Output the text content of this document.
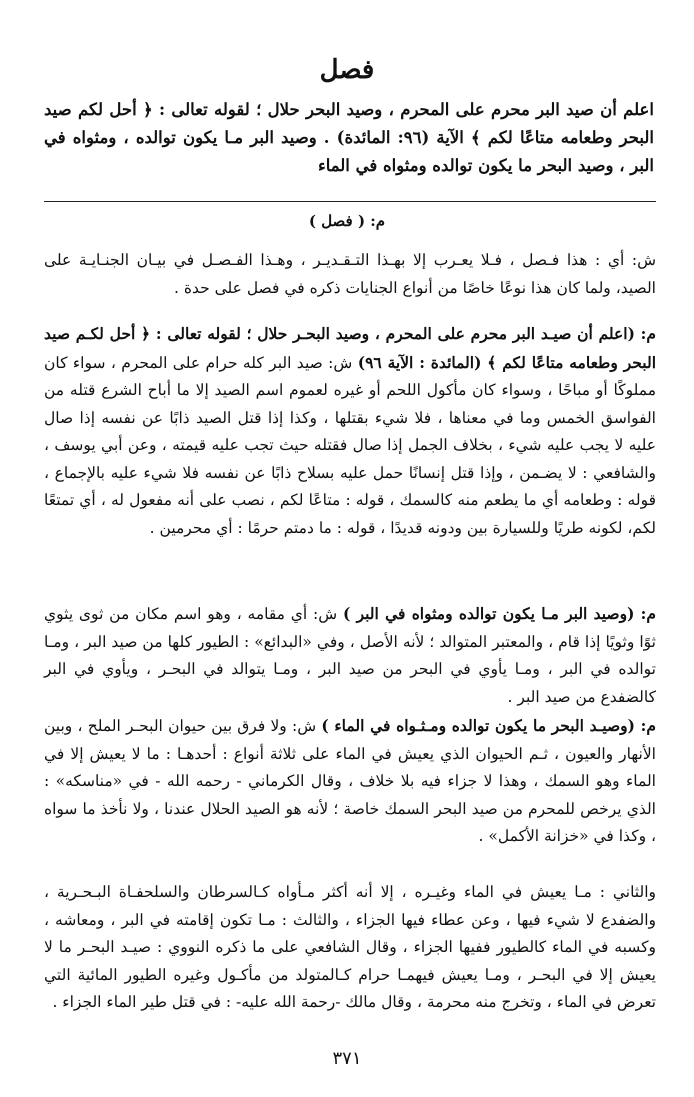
فصل

اعلم أن صيد البر محرم على المحرم ، وصيد البحر حلال ؛ لقوله تعالى : ﴿ أحل لكم صيد البحر وطعامه متاعًا لكم ﴾ الآية (٩٦: المائدة) . وصيد البر مـا يكون توالده ، ومثواه في البر ، وصيد البحر ما يكون توالده ومثواه في الماء

م: ( فصل )

ش: أي : هذا فـصل ، فـلا يعـرب إلا بهـذا التـقـديـر ، وهـذا الفـصـل في بيـان الجنـايـة على الصيد، ولما كان هذا نوعًا خاصًا من أنواع الجنايات ذكره في فصل على حدة .

م: (اعلم أن صيـد البر محرم على المحرم ، وصيد البحـر حلال ؛ لقوله تعالى : ﴿ أحل لكـم صيد البحر وطعامه متاعًا لكم ﴾ (المائدة : الآية ٩٦) ش: صيد البر كله حرام على المحرم ، سواء كان مملوكًا أو مباحًا ، وسواء كان مأكول اللحم أو غيره لعموم اسم الصيد إلا ما أباح الشرع قتله من الفواسق الخمس وما في معناها ، فلا شيء بقتلها ، وكذا إذا قتل الصيد ذابًا عن نفسه إذا صال عليه لا يجب عليه شيء ، بخلاف الجمل إذا صال فقتله حيث تجب عليه قيمته ، وعن أبي يوسف ، والشافعي : لا يضـمن ، وإذا قتل إنسانًا حمل عليه بسلاح ذابًا عن نفسه فلا شيء عليه بالإجماع ، قوله : وطعامه أي ما يطعم منه كالسمك ، قوله : متاعًا لكم ، نصب على أنه مفعول له ، أي تمتعًا لكم، لكونه طريًا وللسيارة بين ودونه قديدًا ، قوله : ما دمتم حرمًا : أي محرمين .

م: (وصيد البر مـا يكون توالده ومثواه في البر ) ش: أي مقامه ، وهو اسم مكان من ثوى يثوي ثوًا وثويًا إذا قام ، والمعتبر المتوالد ؛ لأنه الأصل ، وفي «البدائع» : الطيور كلها من صيد البر ، ومـا توالده في البر ، ومـا يأوي في البحر من صيد البر ، ومـا يتوالد في البحـر ، ويأوي في البر كالضفدع من صيد البر .

م: (وصيـد البحر ما يكون توالده ومـثـواه في الماء ) ش: ولا فرق بين حيوان البحـر الملح ، وبين الأنهار والعيون ، ثـم الحيوان الذي يعيش في الماء على ثلاثة أنواع : أحدهـا : ما لا يعيش إلا في الماء وهو السمك ، وهذا لا جزاء فيه بلا خلاف ، وقال الكرماني - رحمه الله - في «مناسكه» : الذي يرخص للمحرم من صيد البحر السمك خاصة ؛ لأنه هو الصيد الحلال عندنا ، ولا نأخذ ما سواه ، وكذا في «خزانة الأكمل» .

والثاني : مـا يعيش في الماء وغيـره ، إلا أنه أكثر مـأواه كـالسرطان والسلحفـاة البـحـرية ، والضفدع لا شيء فيها ، وعن عطاء فيها الجزاء ، والثالث : مـا تكون إقامته في البر ، ومعاشه ، وكسبه في الماء كالطيور ففيها الجزاء ، وقال الشافعي على ما ذكره النووي : صيـد البحـر ما لا يعيش إلا في البحـر ، ومـا يعيش فيهمـا حرام كـالمتولد من مأكـول وغيره الطيور المائية التي تعرض في الماء ، وتخرج منه محرمة ، وقال مالك -رحمة الله عليه- : في قتل طير الماء الجزاء .

٣٧١
